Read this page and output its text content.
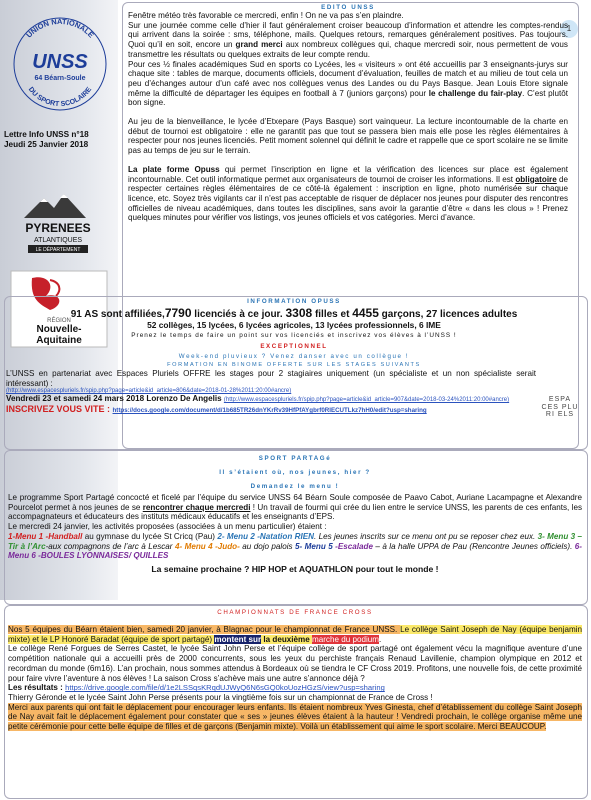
UNION NATIONALE
DU SPORT SCOLAIRE
UNSS
64 Béarn-Soule
Lettre Info UNSS n°18
Jeudi 25 Janvier 2018
PYRENEES
ATLANTIQUES
LE DÉPARTEMENT
RÉGION
Nouvelle-
Aquitaine
1
EDITO UNSS

Fenêtre météo très favorable ce mercredi, enfin ! On ne va pas s’en plaindre.

Sur une journée comme celle d’hier il faut généralement croiser beaucoup d’information et attendre les comptes-rendus qui arrivent dans la soirée : sms, téléphone, mails. Quelques retours, remarques généralement positives. Pas toujours. Quoi qu’il en soit, encore un grand merci aux nombreux collègues qui, chaque mercredi soir, nous permettent de vous transmettre les résultats ou quelques extraits de leur compte rendu.

Pour ces ½ finales académiques Sud en sports co Lycées, les « visiteurs » ont été accueillis par 3 enseignants-jurys sur chaque site : tables de marque, documents officiels, document d’évaluation, feuilles de match et au milieu de tout cela un peu d’échanges autour d’un café avec nos collègues venus des Landes ou du Pays Basque. Jean Louis Etore signale même la difficulté de départager les équipes en football à 7 (juniors garçons) pour le challenge du fair-play. C’est plutôt bon signe.

Au jeu de la bienveillance, le lycée d’Etxepare (Pays Basque) sort vainqueur. La lecture incontournable de la charte en début de tournoi est obligatoire : elle ne garantit pas que tout se passera bien mais elle pose les règles élémentaires à respecter pour nos jeunes licenciés. Petit moment solennel qui définit le cadre et rappelle que ce sport scolaire ne se limite pas au temps de jeu sur le terrain.

La plate forme Opuss qui permet l’inscription en ligne et la vérification des licences sur place est également incontournable. Cet outil informatique permet aux organisateurs de tournoi de croiser les informations. Il est obligatoire de respecter certaines règles élémentaires de ce côté-là également : inscription en ligne, photo numérisée sur chaque licence, etc. Soyez très vigilants car il n’est pas acceptable de risquer de déplacer nos jeunes pour disputer des rencontres officielles de niveau académiques, dans toutes les disciplines, sans avoir la garantie d’être « dans les clous » ! Prenez quelques minutes pour vérifier vos listings, vos jeunes officiels et vos catégories. Merci d’avance.

INFORMATION OPUSS
91 AS sont affiliées,7790 licenciés à ce jour. 3308 filles et 4455 garçons, 27 licences adultes
52 collèges, 15 lycées, 6 lycées agricoles, 13 lycées professionnels, 6 IME
Prenez le temps de faire un point sur vos licenciés et inscrivez vos élèves à l’UNSS !
EXCEPTIONNEL
Week-end pluvieux ? Venez danser avec un collègue !
FORMATION EN BINOME OFFERTE SUR LES STAGES SUIVANTS

L’UNSS en partenariat avec Espaces Pluriels OFFRE les stages pour 2 stagiaires uniquement (un spécialiste et un non spécialiste serait intéressant) :

(http://www.espacespluriels.fr/spip.php?page=article&id_article=806&date=2018-01-28%2011:20:00#ancre)
Vendredi 23 et samedi 24 mars 2018 Lorenzo De Angelis (http://www.espacespluriels.fr/spip.php?page=article&id_article=907&date=2018-03-24%2011:20:00#ancre)
INSCRIVEZ VOUS VITE : https://docs.google.com/document/d/1b685TR26dnYKrRv39HfPfAYgbrf0RIECUTLkz7hH0/edit?usp=sharing
ESPA CES PLU RI ELS
SPORT PARTAGé
Il s’étaient où, nos jeunes, hier ?
Demandez le menu !

Le programme Sport Partagé concocté et ficelé par l’équipe du service UNSS 64 Béarn Soule composée de Paavo Cabot, Auriane Lacampagne et Alexandre Pourcelot permet à nos jeunes de se rencontrer chaque mercredi ! Un travail de fourmi qui crée du lien entre le service UNSS, les parents de ces enfants, les accompagnateurs et éducateurs des instituts médicaux éducatifs et les enseignants d’EPS.

Le mercredi 24 janvier, les activités proposées (associées à un menu particulier) étaient :

1-Menu 1 -Handball au gymnase du lycée St Cricq (Pau) 2- Menu 2 -Natation RIEN. Les jeunes inscrits sur ce menu ont pu se reposer chez eux. 3- Menu 3 –Tir à l’Arc-aux compagnons de l’arc à Lescar 4- Menu 4 -Judo- au dojo palois 5- Menu 5 -Escalade – à la halle UPPA de Pau (Rencontre Jeunes officiels). 6- Menu 6 -BOULES LYONNAISES/ QUILLES

La semaine prochaine ? HIP HOP et AQUATHLON pour tout le monde !
CHAMPIONNATS DE FRANCE CROSS

Nos 5 équipes du Béarn étaient bien, samedi 20 janvier, à Blagnac pour le championnat de France UNSS. Le collège Saint Joseph de Nay (équipe benjamin mixte) et le LP Honoré Baradat (équipe de sport partagé) montent sur la deuxième marche du podium.

Le collège René Forgues de Serres Castet, le lycée Saint John Perse et l’équipe collège de sport partagé ont également vécu la magnifique aventure d’une compétition nationale qui a accueilli près de 2000 concurrents, sous les yeux du perchiste français Renaud Lavillenie, champion olympique en 2012 et recordman du monde (6m16). L’an prochain, nous sommes attendus à Bordeaux où se tiendra le CF Cross 2019. Profitons, une nouvelle fois, de cette proximité pour faire vivre l’aventure à nos élèves ! La saison Cross s’achève mais une autre s’annonce déjà ?

Les résultats : https://drive.google.com/file/d/1e2LSSqsKRqdUJWyQ6N6sGQ0koUozHGzS/view?usp=sharing

Thierry Géronde et le lycée Saint John Perse présents pour la vingtième fois sur un championnat de France de Cross !

Merci aux parents qui ont fait le déplacement pour encourager leurs enfants. Ils étaient nombreux Yves Ginesta, chef d’établissement du collège Saint Joseph de Nay avait fait le déplacement également pour constater que « ses » jeunes élèves étaient à la hauteur ! Vendredi prochain, le collège organise même une petite cérémonie pour cette belle équipe de filles et de garçons (Benjamin mixte). Voilà un établissement qui aime le sport scolaire. Merci BEAUCOUP.
